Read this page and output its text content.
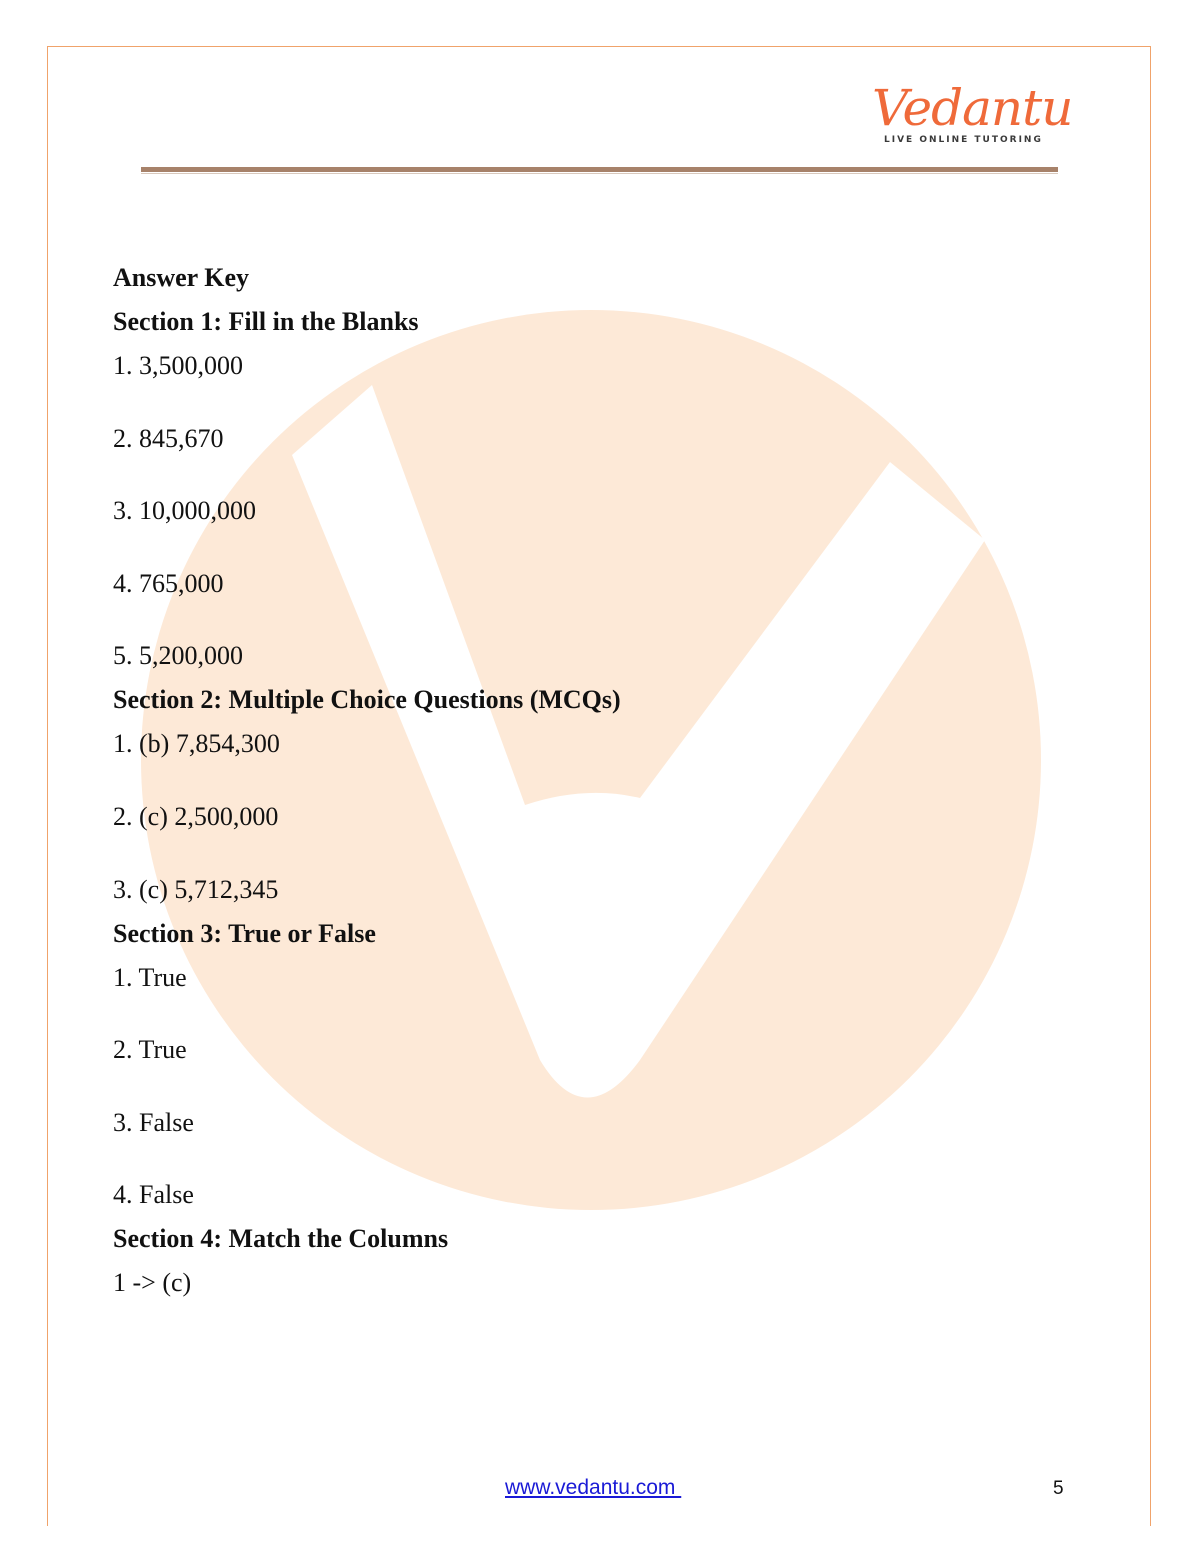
Vedantu
LIVE ONLINE TUTORING
Answer Key
Section 1: Fill in the Blanks
1. 3,500,000
2. 845,670
3. 10,000,000
4. 765,000
5. 5,200,000
Section 2: Multiple Choice Questions (MCQs)
1. (b) 7,854,300
2. (c) 2,500,000
3. (c) 5,712,345
Section 3: True or False
1. True
2. True
3. False
4. False
Section 4: Match the Columns
1 -> (c)
www.vedantu.com	5
